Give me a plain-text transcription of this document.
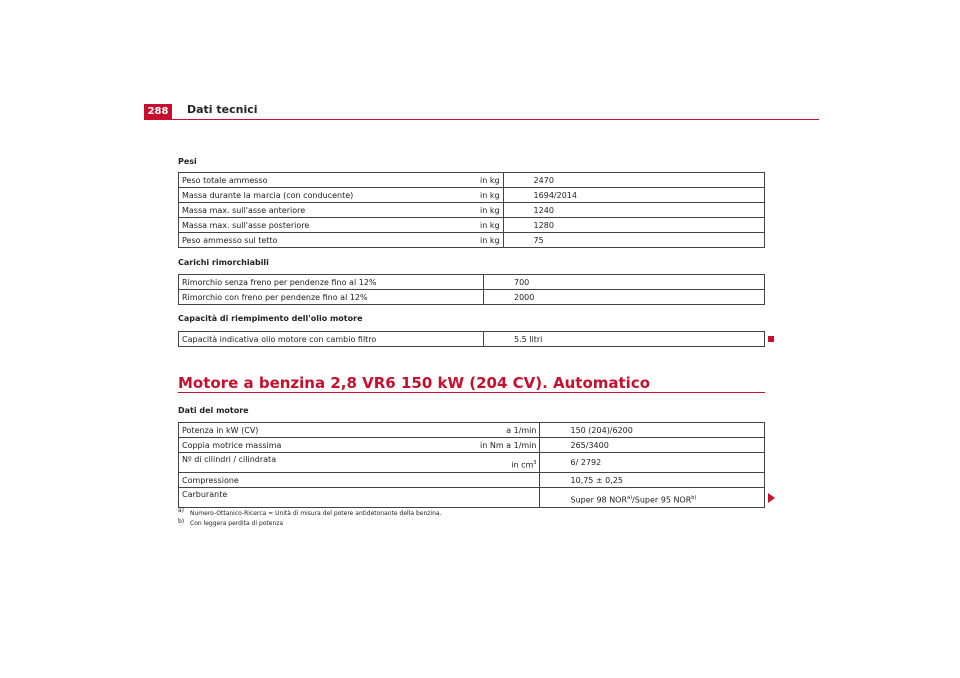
288	Dati tecnici
Pesi
Peso totale ammesso	in kg	2470
Massa durante la marcia (con conducente)	in kg	1694/2014
Massa max. sull'asse anteriore	in kg	1240
Massa max. sull'asse posteriore	in kg	1280
Peso ammesso sul tetto	in kg	75
Carichi rimorchiabili
Rimorchio senza freno per pendenze fino al 12%		700
Rimorchio con freno per pendenze fino al 12%		2000
Capacità di riempimento dell'olio motore
Capacità indicativa olio motore con cambio filtro		5.5 litri
Motore a benzina 2,8 VR6 150 kW (204 CV). Automatico
Dati del motore
Potenza in kW (CV)	a 1/min	150 (204)/6200
Coppia motrice massima	in Nm a 1/min	265/3400
Nº di cilindri / cilindrata	in $cm^3$	6/ 2792
Compressione		10,75 ± 0,25
Carburante		Super 98 NOR$^{a)}$/Super 95 NOR$^{b)}$
a) Numero-Ottanico-Ricerca = Unità di misura del potere antidetonante della benzina.
b) Con leggera perdita di potenza
